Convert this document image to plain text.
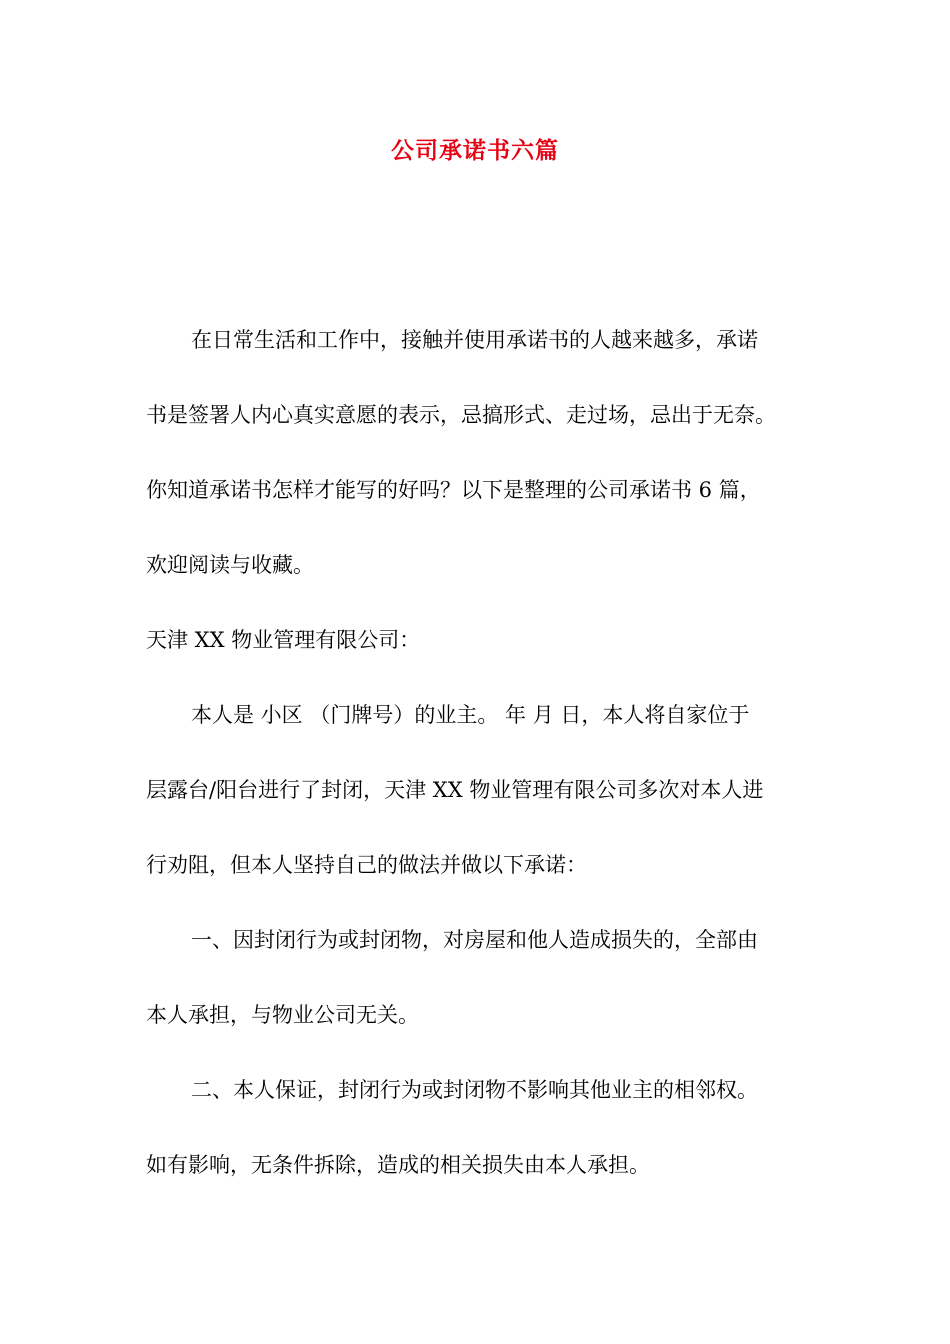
公司承诺书六篇
在日常生活和工作中，接触并使用承诺书的人越来越多，承诺
书是签署人内心真实意愿的表示，忌搞形式、走过场，忌出于无奈。
你知道承诺书怎样才能写的好吗？以下是整理的公司承诺书 6 篇，
欢迎阅读与收藏。
天津 XX 物业管理有限公司：
本人是 小区 （门牌号）的业主。 年 月 日，本人将自家位于
层露台/阳台进行了封闭，天津 XX 物业管理有限公司多次对本人进
行劝阻，但本人坚持自己的做法并做以下承诺：
一、因封闭行为或封闭物，对房屋和他人造成损失的，全部由
本人承担，与物业公司无关。
二、本人保证，封闭行为或封闭物不影响其他业主的相邻权。
如有影响，无条件拆除，造成的相关损失由本人承担。
